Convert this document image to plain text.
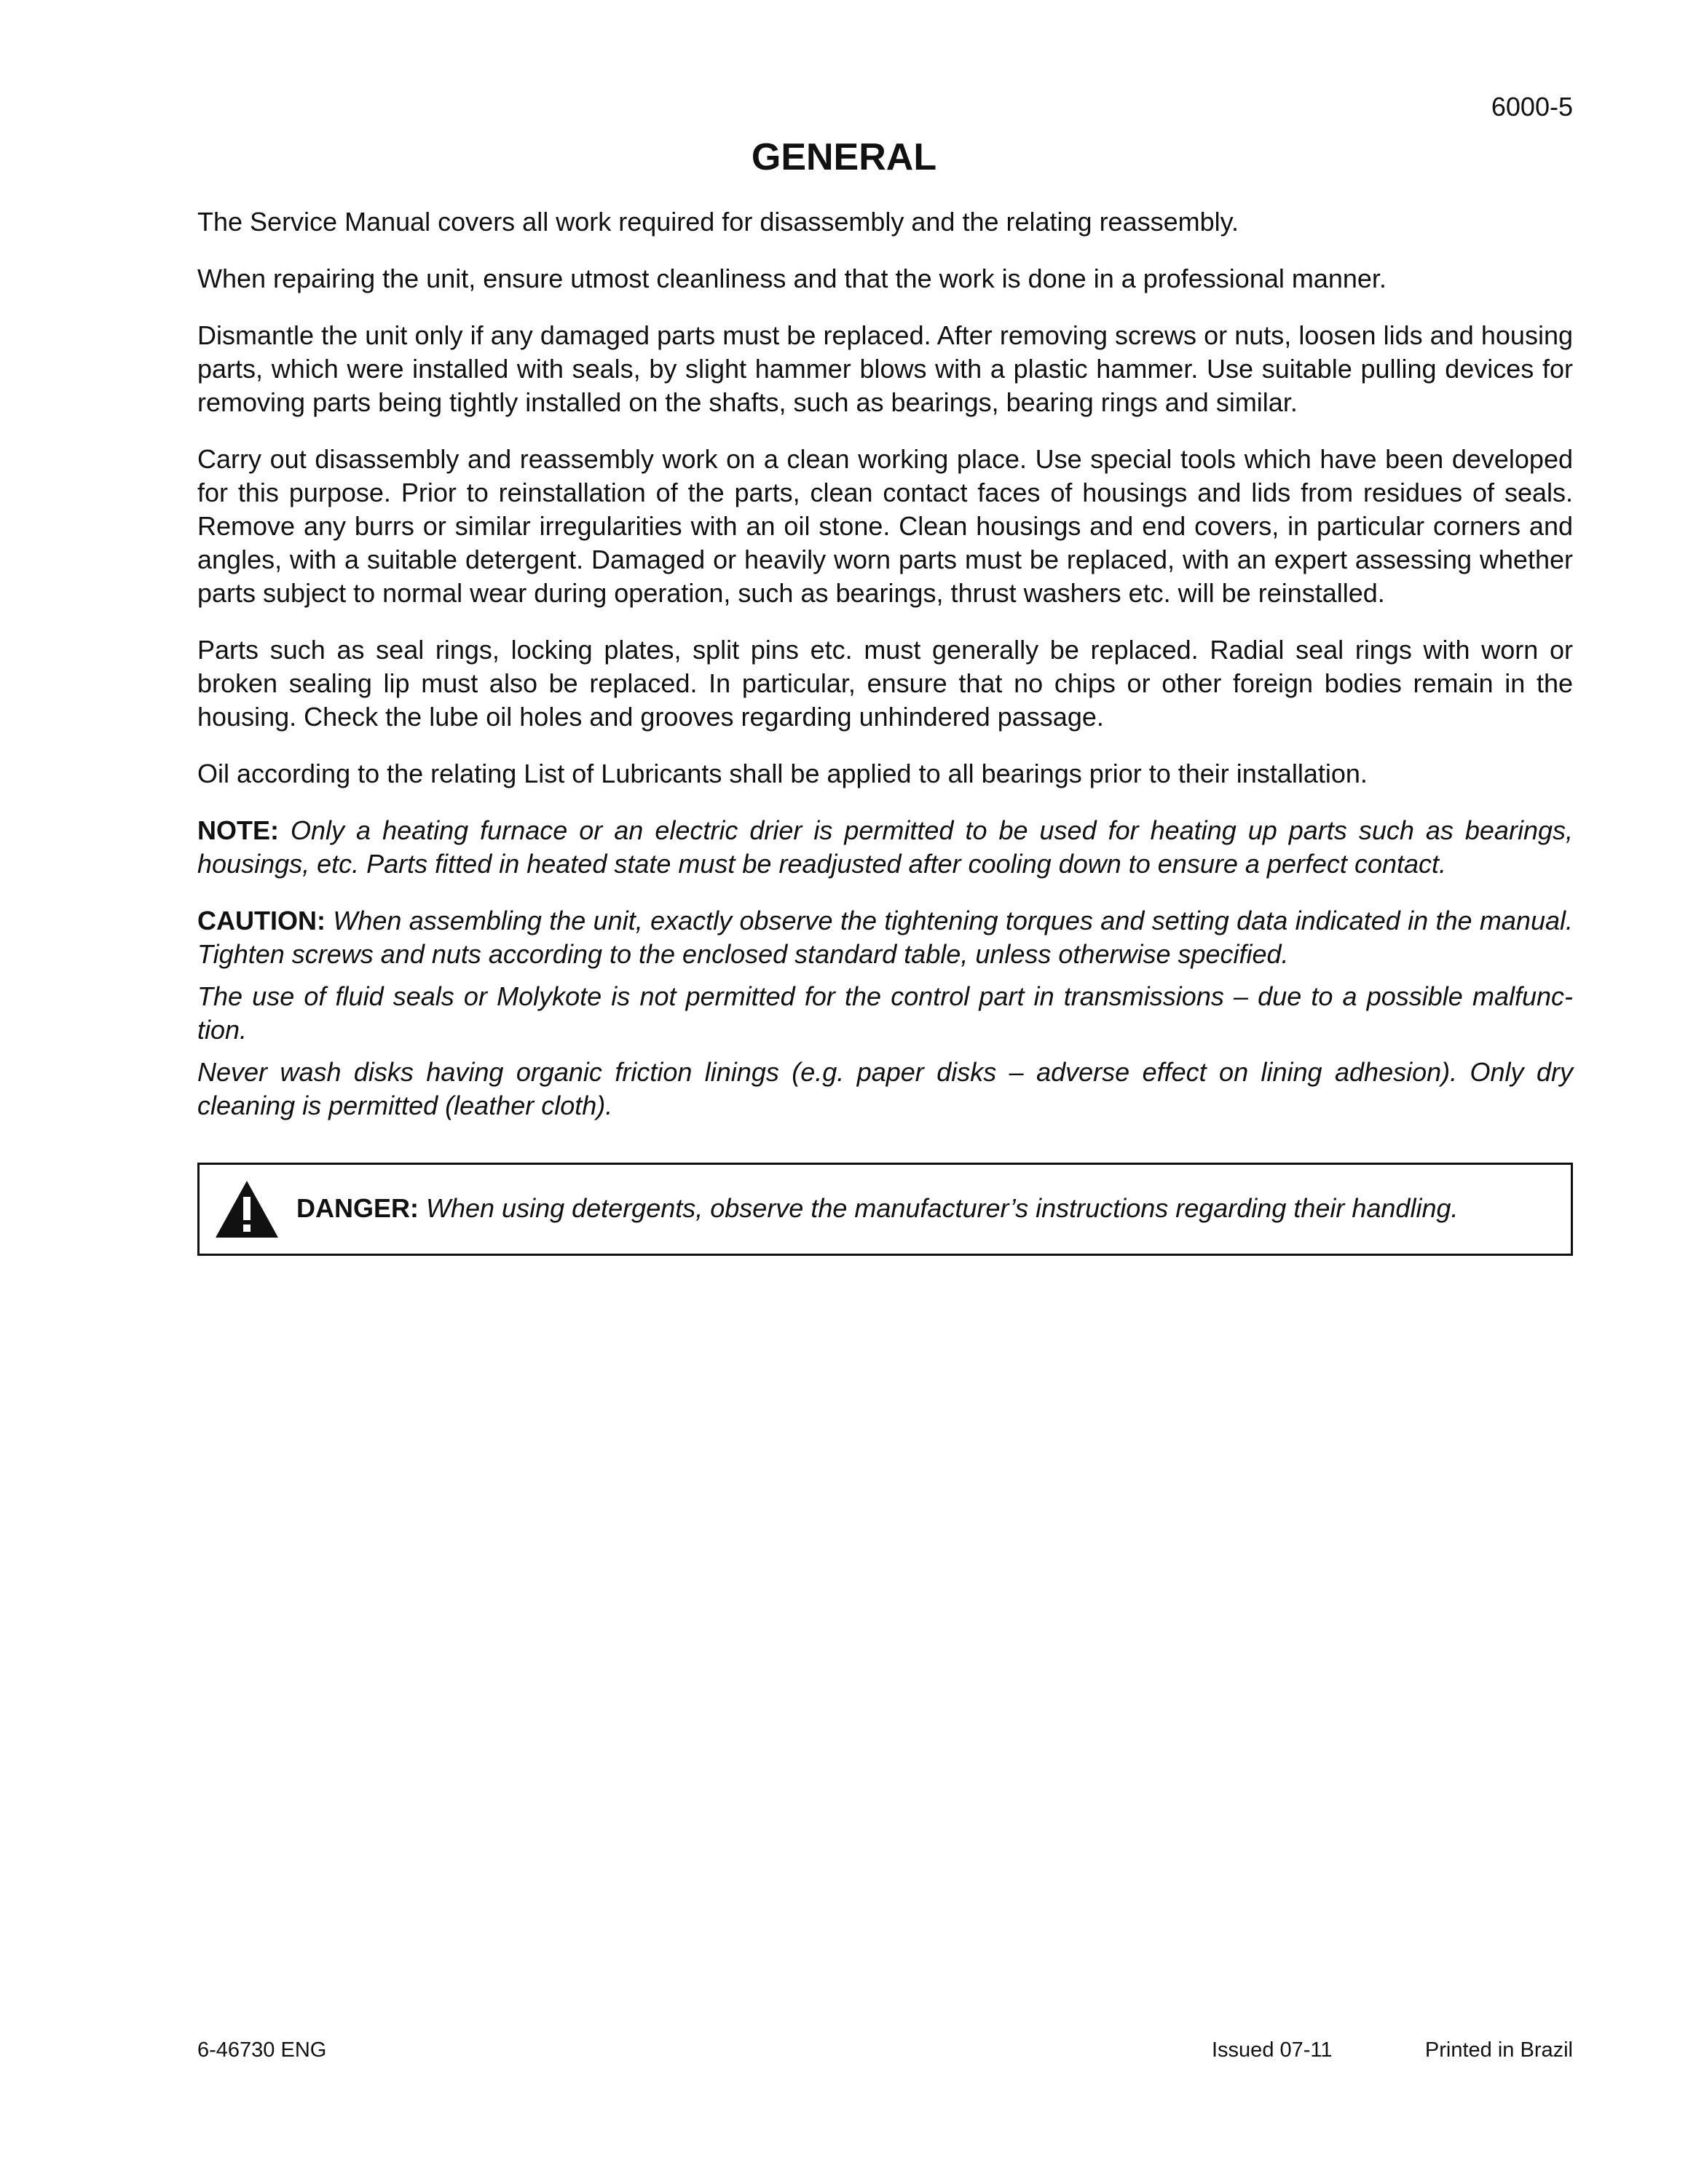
6000-5
GENERAL

The Service Manual covers all work required for disassembly and the relating reassembly.

When repairing the unit, ensure utmost cleanliness and that the work is done in a professional manner.

Dismantle the unit only if any damaged parts must be replaced. After removing screws or nuts, loosen lids and housing parts, which were installed with seals, by slight hammer blows with a plastic hammer. Use suitable pulling devices for removing parts being tightly installed on the shafts, such as bearings, bearing rings and similar.

Carry out disassembly and reassembly work on a clean working place. Use special tools which have been developed for this purpose. Prior to reinstallation of the parts, clean contact faces of housings and lids from residues of seals. Remove any burrs or similar irregularities with an oil stone. Clean housings and end covers, in particular corners and angles, with a suitable detergent. Damaged or heavily worn parts must be replaced, with an expert assessing whether parts subject to normal wear during operation, such as bearings, thrust washers etc. will be reinstalled.

Parts such as seal rings, locking plates, split pins etc. must generally be replaced. Radial seal rings with worn or broken sealing lip must also be replaced. In particular, ensure that no chips or other foreign bodies remain in the housing. Check the lube oil holes and grooves regarding unhindered passage.

Oil according to the relating List of Lubricants shall be applied to all bearings prior to their installation.

NOTE: Only a heating furnace or an electric drier is permitted to be used for heating up parts such as bearings, housings, etc. Parts fitted in heated state must be readjusted after cooling down to ensure a perfect contact.

CAUTION: When assembling the unit, exactly observe the tightening torques and setting data indicated in the manual. Tighten screws and nuts according to the enclosed standard table, unless otherwise specified.

The use of fluid seals or Molykote is not permitted for the control part in transmissions – due to a possible malfunc-tion.

Never wash disks having organic friction linings (e.g. paper disks – adverse effect on lining adhesion). Only dry cleaning is permitted (leather cloth).

DANGER: When using detergents, observe the manufacturer’s instructions regarding their handling.
6-46730 ENG	Issued 07-11	Printed in Brazil
